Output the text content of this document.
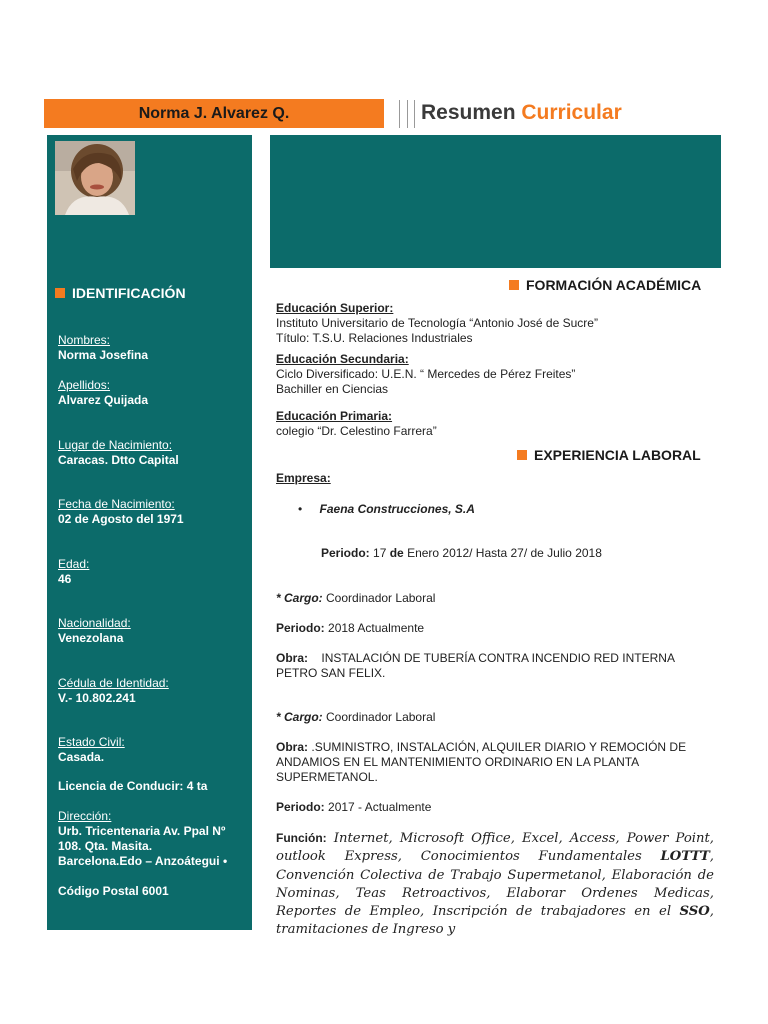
Norma J. Alvarez Q.	Resumen Curricular
IDENTIFICACIÓN
Nombres:
Norma Josefina
Apellidos:
Alvarez Quijada
Lugar de Nacimiento:
Caracas. Dtto Capital
Fecha de Nacimiento:
02 de Agosto del 1971
Edad:
46
Nacionalidad:
Venezolana
Cédula de Identidad:
V.- 10.802.241
Estado Civil:
Casada.
Licencia de Conducir: 4 ta
Dirección:
Urb. Tricentenaria Av. Ppal Nº
108. Qta. Masita.
Barcelona.Edo – Anzoátegui •
Código Postal 6001
FORMACIÓN ACADÉMICA
Educación Superior:
Instituto Universitario de Tecnología “Antonio José de Sucre”
Título: T.S.U. Relaciones Industriales
Educación Secundaria:
Ciclo Diversificado: U.E.N. “ Mercedes de Pérez Freites”
Bachiller en Ciencias
Educación Primaria:
colegio “Dr. Celestino Farrera”
EXPERIENCIA LABORAL
Empresa:
• Faena Construcciones, S.A
Periodo: 17 de Enero 2012/ Hasta 27/ de Julio 2018
* Cargo: Coordinador Laboral
Periodo: 2018 Actualmente
Obra: INSTALACIÓN DE TUBERÍA CONTRA INCENDIO RED INTERNA
PETRO SAN FELIX.
* Cargo: Coordinador Laboral
Obra: .SUMINISTRO, INSTALACIÓN, ALQUILER DIARIO Y REMOCIÓN DE
ANDAMIOS EN EL MANTENIMIENTO ORDINARIO EN LA PLANTA
SUPERMETANOL.
Periodo: 2017 - Actualmente
Función: Internet, Microsoft Office, Excel, Access, Power Point, outlook Express, Conocimientos Fundamentales LOTTT, Convención Colectiva de Trabajo Supermetanol, Elaboración de Nominas, Teas Retroactivos, Elaborar Ordenes Medicas, Reportes de Empleo, Inscripción de trabajadores en el SSO, tramitaciones de Ingreso y
